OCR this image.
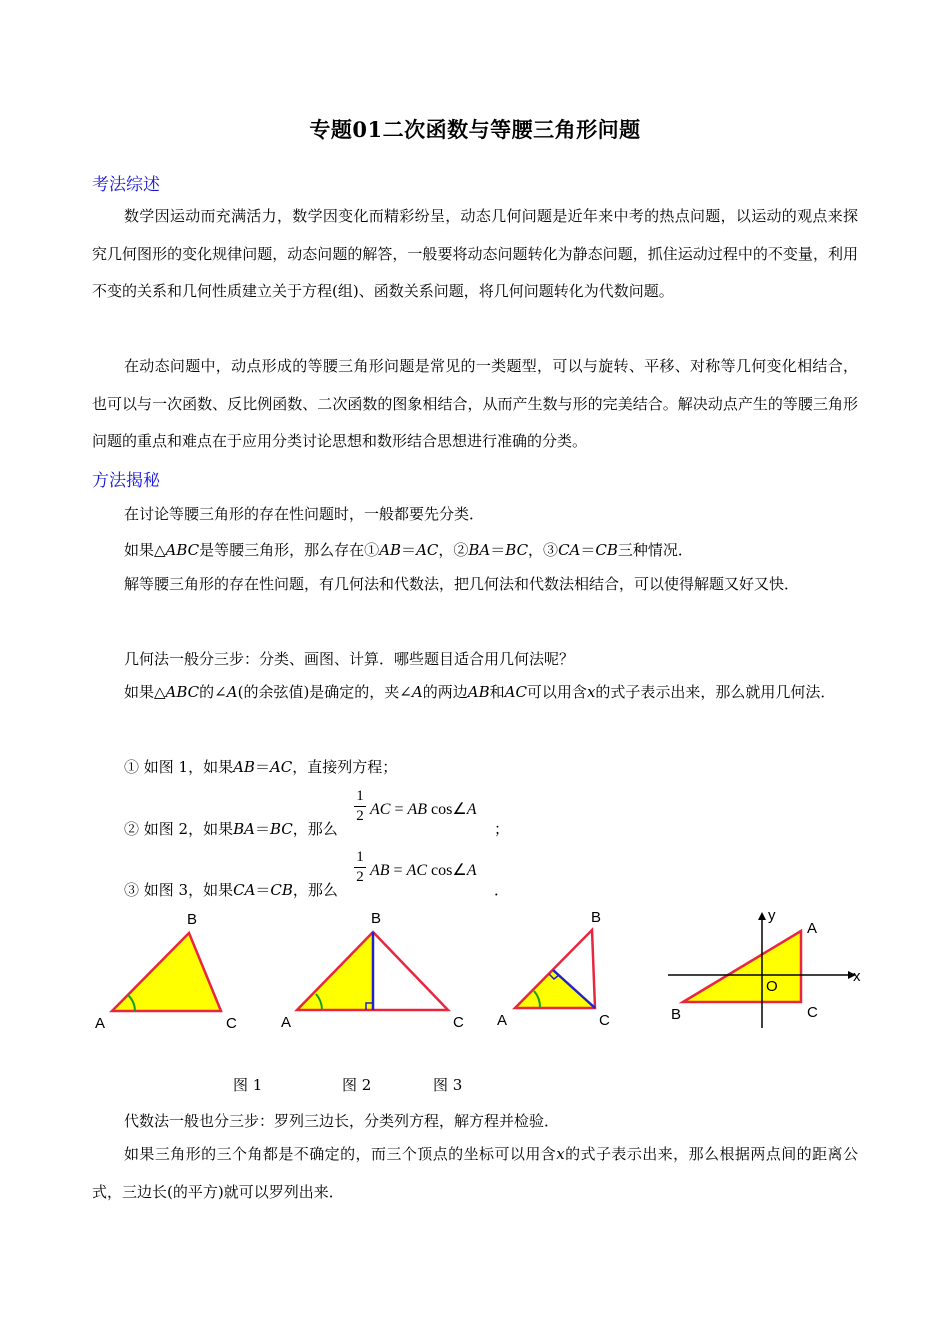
专题01二次函数与等腰三角形问题
考法综述
数学因运动而充满活力，数学因变化而精彩纷呈，动态几何问题是近年来中考的热点问题，以运动的观点来探究几何图形的变化规律问题，动态问题的解答，一般要将动态问题转化为静态问题，抓住运动过程中的不变量，利用不变的关系和几何性质建立关于方程(组)、函数关系问题，将几何问题转化为代数问题。
在动态问题中，动点形成的等腰三角形问题是常见的一类题型，可以与旋转、平移、对称等几何变化相结合，也可以与一次函数、反比例函数、二次函数的图象相结合，从而产生数与形的完美结合。解决动点产生的等腰三角形问题的重点和难点在于应用分类讨论思想和数形结合思想进行准确的分类。
方法揭秘
在讨论等腰三角形的存在性问题时，一般都要先分类．
如果△ABC是等腰三角形，那么存在①AB＝AC，②BA＝BC，③CA＝CB三种情况．
解等腰三角形的存在性问题，有几何法和代数法，把几何法和代数法相结合，可以使得解题又好又快．
几何法一般分三步：分类、画图、计算．哪些题目适合用几何法呢？
如果△ABC的∠A(的余弦值)是确定的，夹∠A的两边AB和AC可以用含x的式子表示出来，那么就用几何法．
① 如图 1，如果AB＝AC，直接列方程；
② 如图 2，如果BA＝BC，那么
1
2 AC = AB cos∠A
；
③ 如图 3，如果CA＝CB，那么
1
2 AB = AC cos∠A
．
B
A	C
B
A	C
B
A	C
y
x
O
A
B	C
图 1	图 2	图 3
代数法一般也分三步：罗列三边长，分类列方程，解方程并检验．
如果三角形的三个角都是不确定的，而三个顶点的坐标可以用含x的式子表示出来，那么根据两点间的距离公式，三边长(的平方)就可以罗列出来．
